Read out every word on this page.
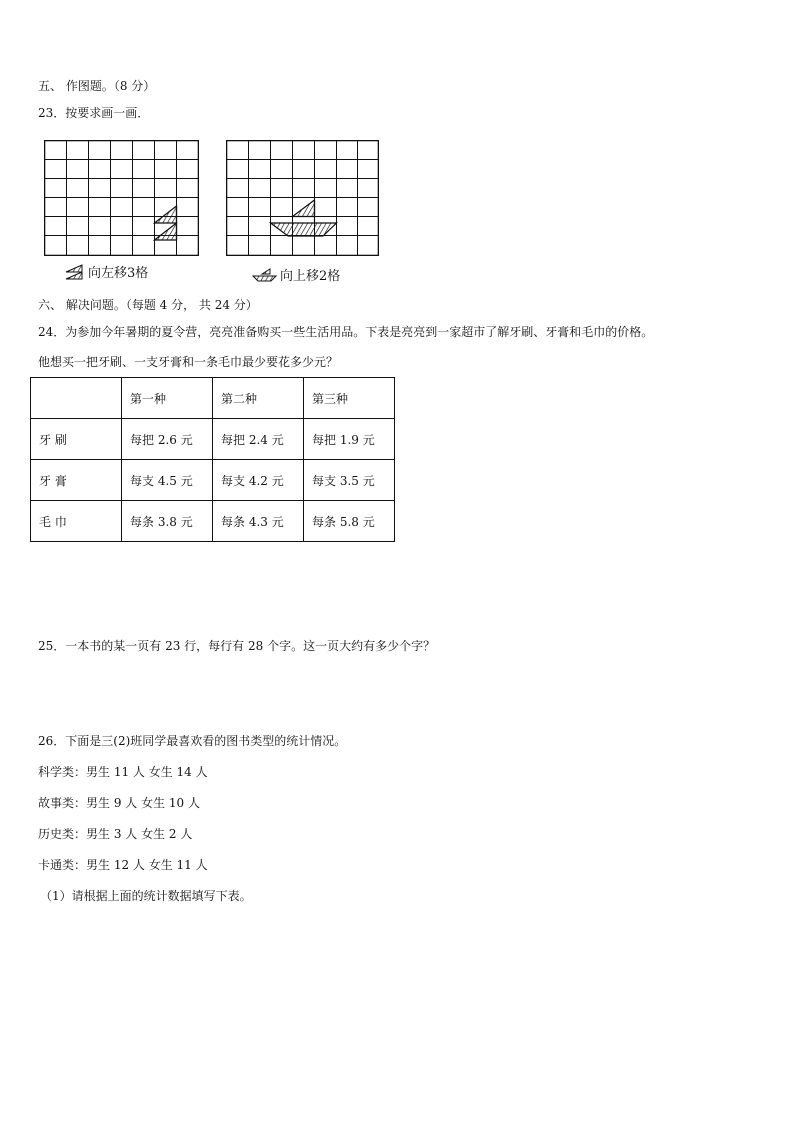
五、 作图题。（8 分）
23．按要求画一画．
向左移3格	向上移2格
六、 解决问题。（每题 4 分， 共 24 分）
24．为参加今年暑期的夏令营，亮亮准备购买一些生活用品。下表是亮亮到一家超市了解牙刷、牙膏和毛巾的价格。
他想买一把牙刷、一支牙膏和一条毛巾最少要花多少元？
	第一种	第二种	第三种
牙 刷	每把 2.6 元	每把 2.4 元	每把 1.9 元
牙 膏	每支 4.5 元	每支 4.2 元	每支 3.5 元
毛 巾	每条 3.8 元	每条 4.3 元	每条 5.8 元
25．一本书的某一页有 23 行，每行有 28 个字。这一页大约有多少个字？
26．下面是三(2)班同学最喜欢看的图书类型的统计情况。
科学类：男生 11 人 女生 14 人
故事类：男生 9 人 女生 10 人
历史类：男生 3 人 女生 2 人
卡通类：男生 12 人 女生 11 人
（1）请根据上面的统计数据填写下表。
